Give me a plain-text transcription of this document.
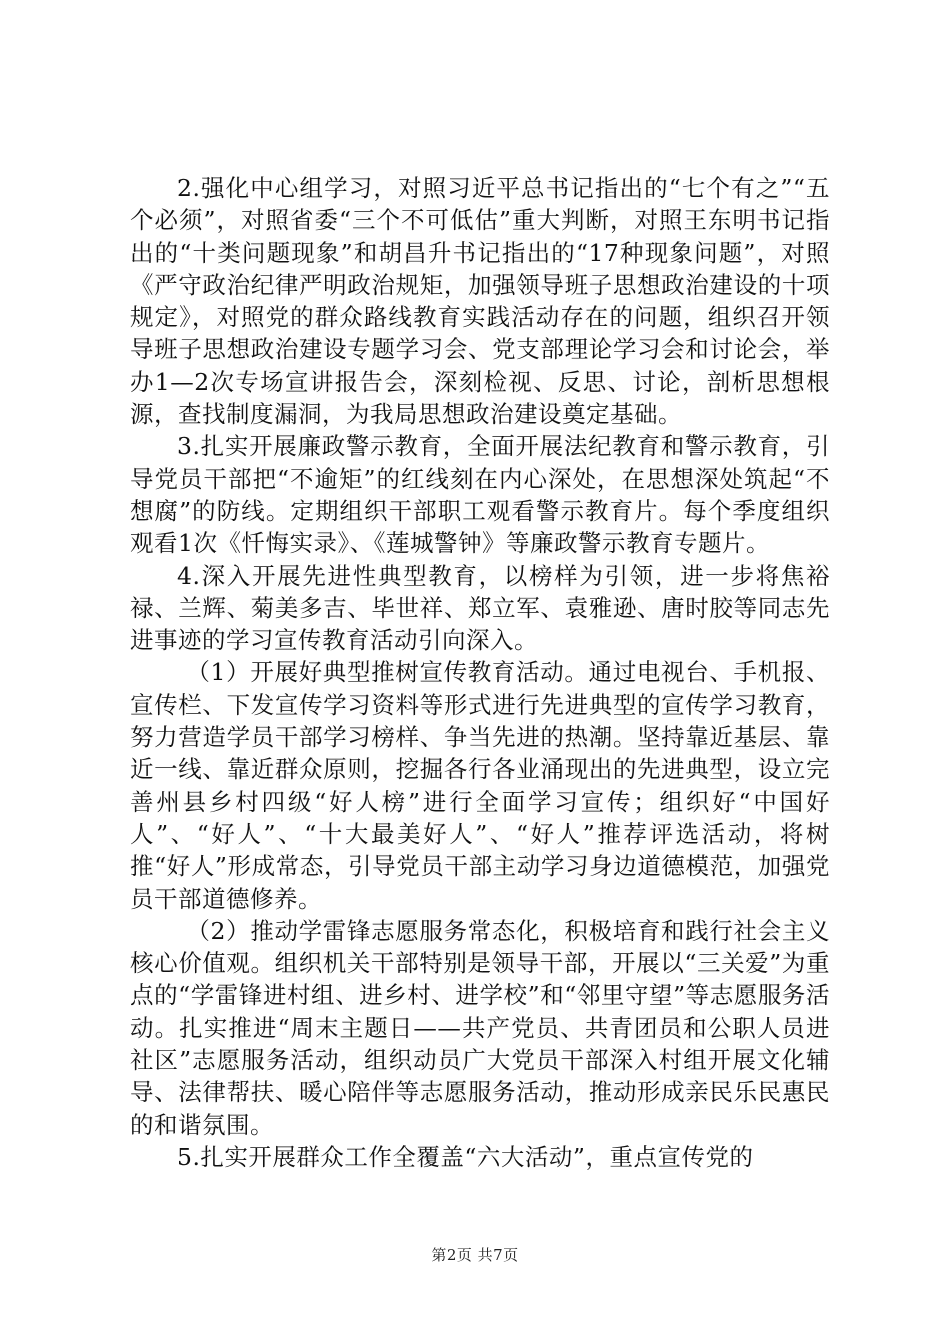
2.强化中心组学习，对照习近平总书记指出的“七个有之”“五个必须”，对照省委“三个不可低估”重大判断，对照王东明书记指出的“十类问题现象”和胡昌升书记指出的“17种现象问题”，对照《严守政治纪律严明政治规矩，加强领导班子思想政治建设的十项规定》，对照党的群众路线教育实践活动存在的问题，组织召开领导班子思想政治建设专题学习会、党支部理论学习会和讨论会，举办1—2次专场宣讲报告会，深刻检视、反思、讨论，剖析思想根源，查找制度漏洞，为我局思想政治建设奠定基础。

3.扎实开展廉政警示教育，全面开展法纪教育和警示教育，引导党员干部把“不逾矩”的红线刻在内心深处，在思想深处筑起“不想腐”的防线。定期组织干部职工观看警示教育片。每个季度组织观看1次《忏悔实录》、《莲城警钟》等廉政警示教育专题片。

4.深入开展先进性典型教育，以榜样为引领，进一步将焦裕禄、兰辉、菊美多吉、毕世祥、郑立军、袁雅逊、唐时胶等同志先进事迹的学习宣传教育活动引向深入。

（1）开展好典型推树宣传教育活动。通过电视台、手机报、宣传栏、下发宣传学习资料等形式进行先进典型的宣传学习教育，努力营造学员干部学习榜样、争当先进的热潮。坚持靠近基层、靠近一线、靠近群众原则，挖掘各行各业涌现出的先进典型，设立完善州县乡村四级“好人榜”进行全面学习宣传；组织好“中国好人”、“好人”、“十大最美好人”、“好人”推荐评选活动，将树推“好人”形成常态，引导党员干部主动学习身边道德模范，加强党员干部道德修养。

（2）推动学雷锋志愿服务常态化，积极培育和践行社会主义核心价值观。组织机关干部特别是领导干部，开展以“三关爱”为重点的“学雷锋进村组、进乡村、进学校”和“邻里守望”等志愿服务活动。扎实推进“周末主题日——共产党员、共青团员和公职人员进社区”志愿服务活动，组织动员广大党员干部深入村组开展文化辅导、法律帮扶、暖心陪伴等志愿服务活动，推动形成亲民乐民惠民的和谐氛围。

5.扎实开展群众工作全覆盖“六大活动”，重点宣传党的

第2页 共7页
